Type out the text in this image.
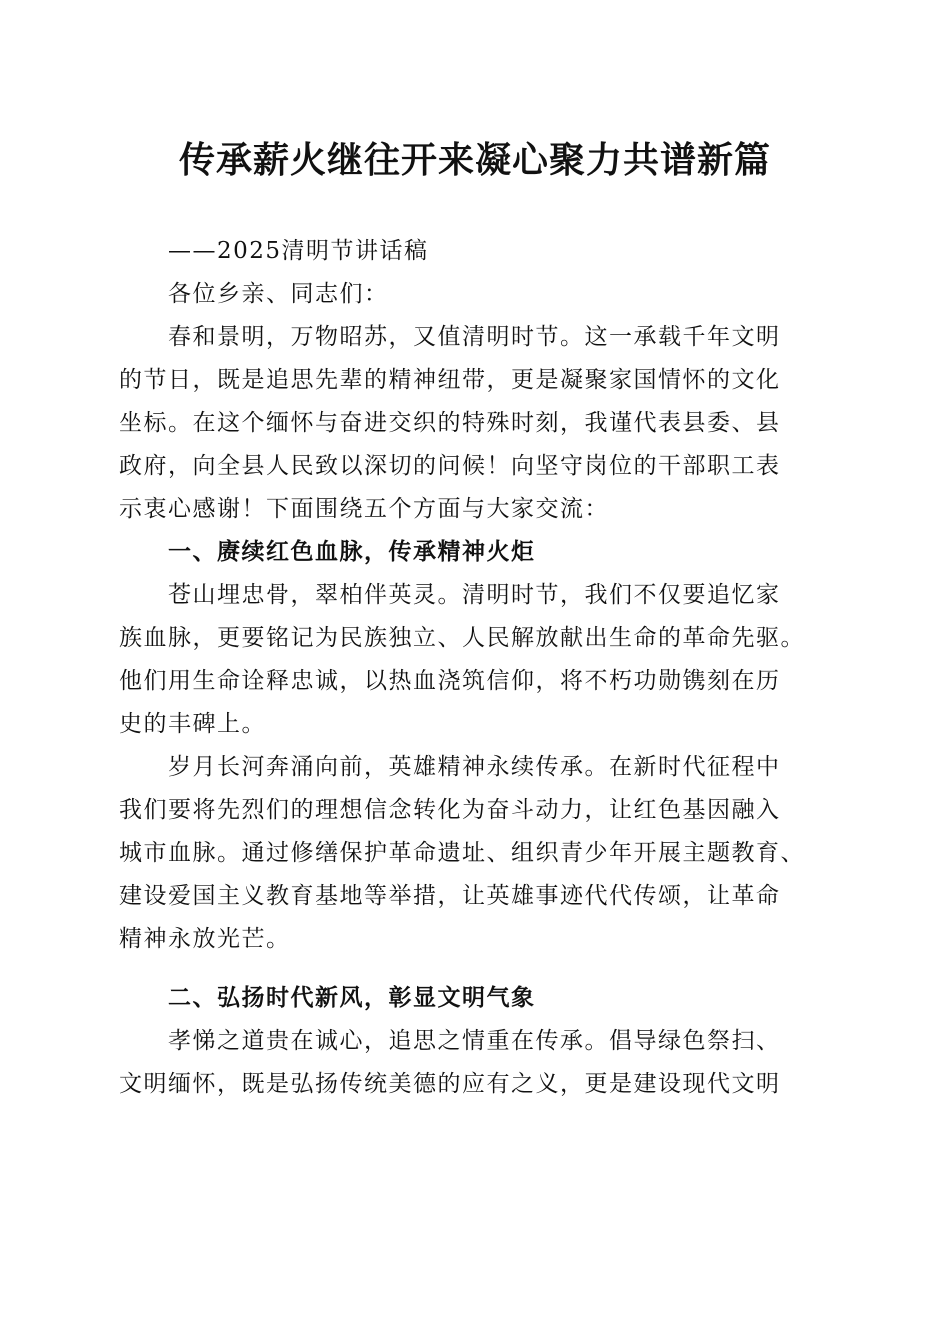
传承薪火继往开来凝心聚力共谱新篇
——2025清明节讲话稿
各位乡亲、同志们：
春和景明，万物昭苏，又值清明时节。这一承载千年文明
的节日，既是追思先辈的精神纽带，更是凝聚家国情怀的文化
坐标。在这个缅怀与奋进交织的特殊时刻，我谨代表县委、县
政府，向全县人民致以深切的问候！向坚守岗位的干部职工表
示衷心感谢！下面围绕五个方面与大家交流：
一、赓续红色血脉，传承精神火炬
苍山埋忠骨，翠柏伴英灵。清明时节，我们不仅要追忆家
族血脉，更要铭记为民族独立、人民解放献出生命的革命先驱。
他们用生命诠释忠诚，以热血浇筑信仰，将不朽功勋镌刻在历
史的丰碑上。
岁月长河奔涌向前，英雄精神永续传承。在新时代征程中
我们要将先烈们的理想信念转化为奋斗动力，让红色基因融入
城市血脉。通过修缮保护革命遗址、组织青少年开展主题教育、
建设爱国主义教育基地等举措，让英雄事迹代代传颂，让革命
精神永放光芒。
二、弘扬时代新风，彰显文明气象
孝悌之道贵在诚心，追思之情重在传承。倡导绿色祭扫、
文明缅怀，既是弘扬传统美德的应有之义，更是建设现代文明
